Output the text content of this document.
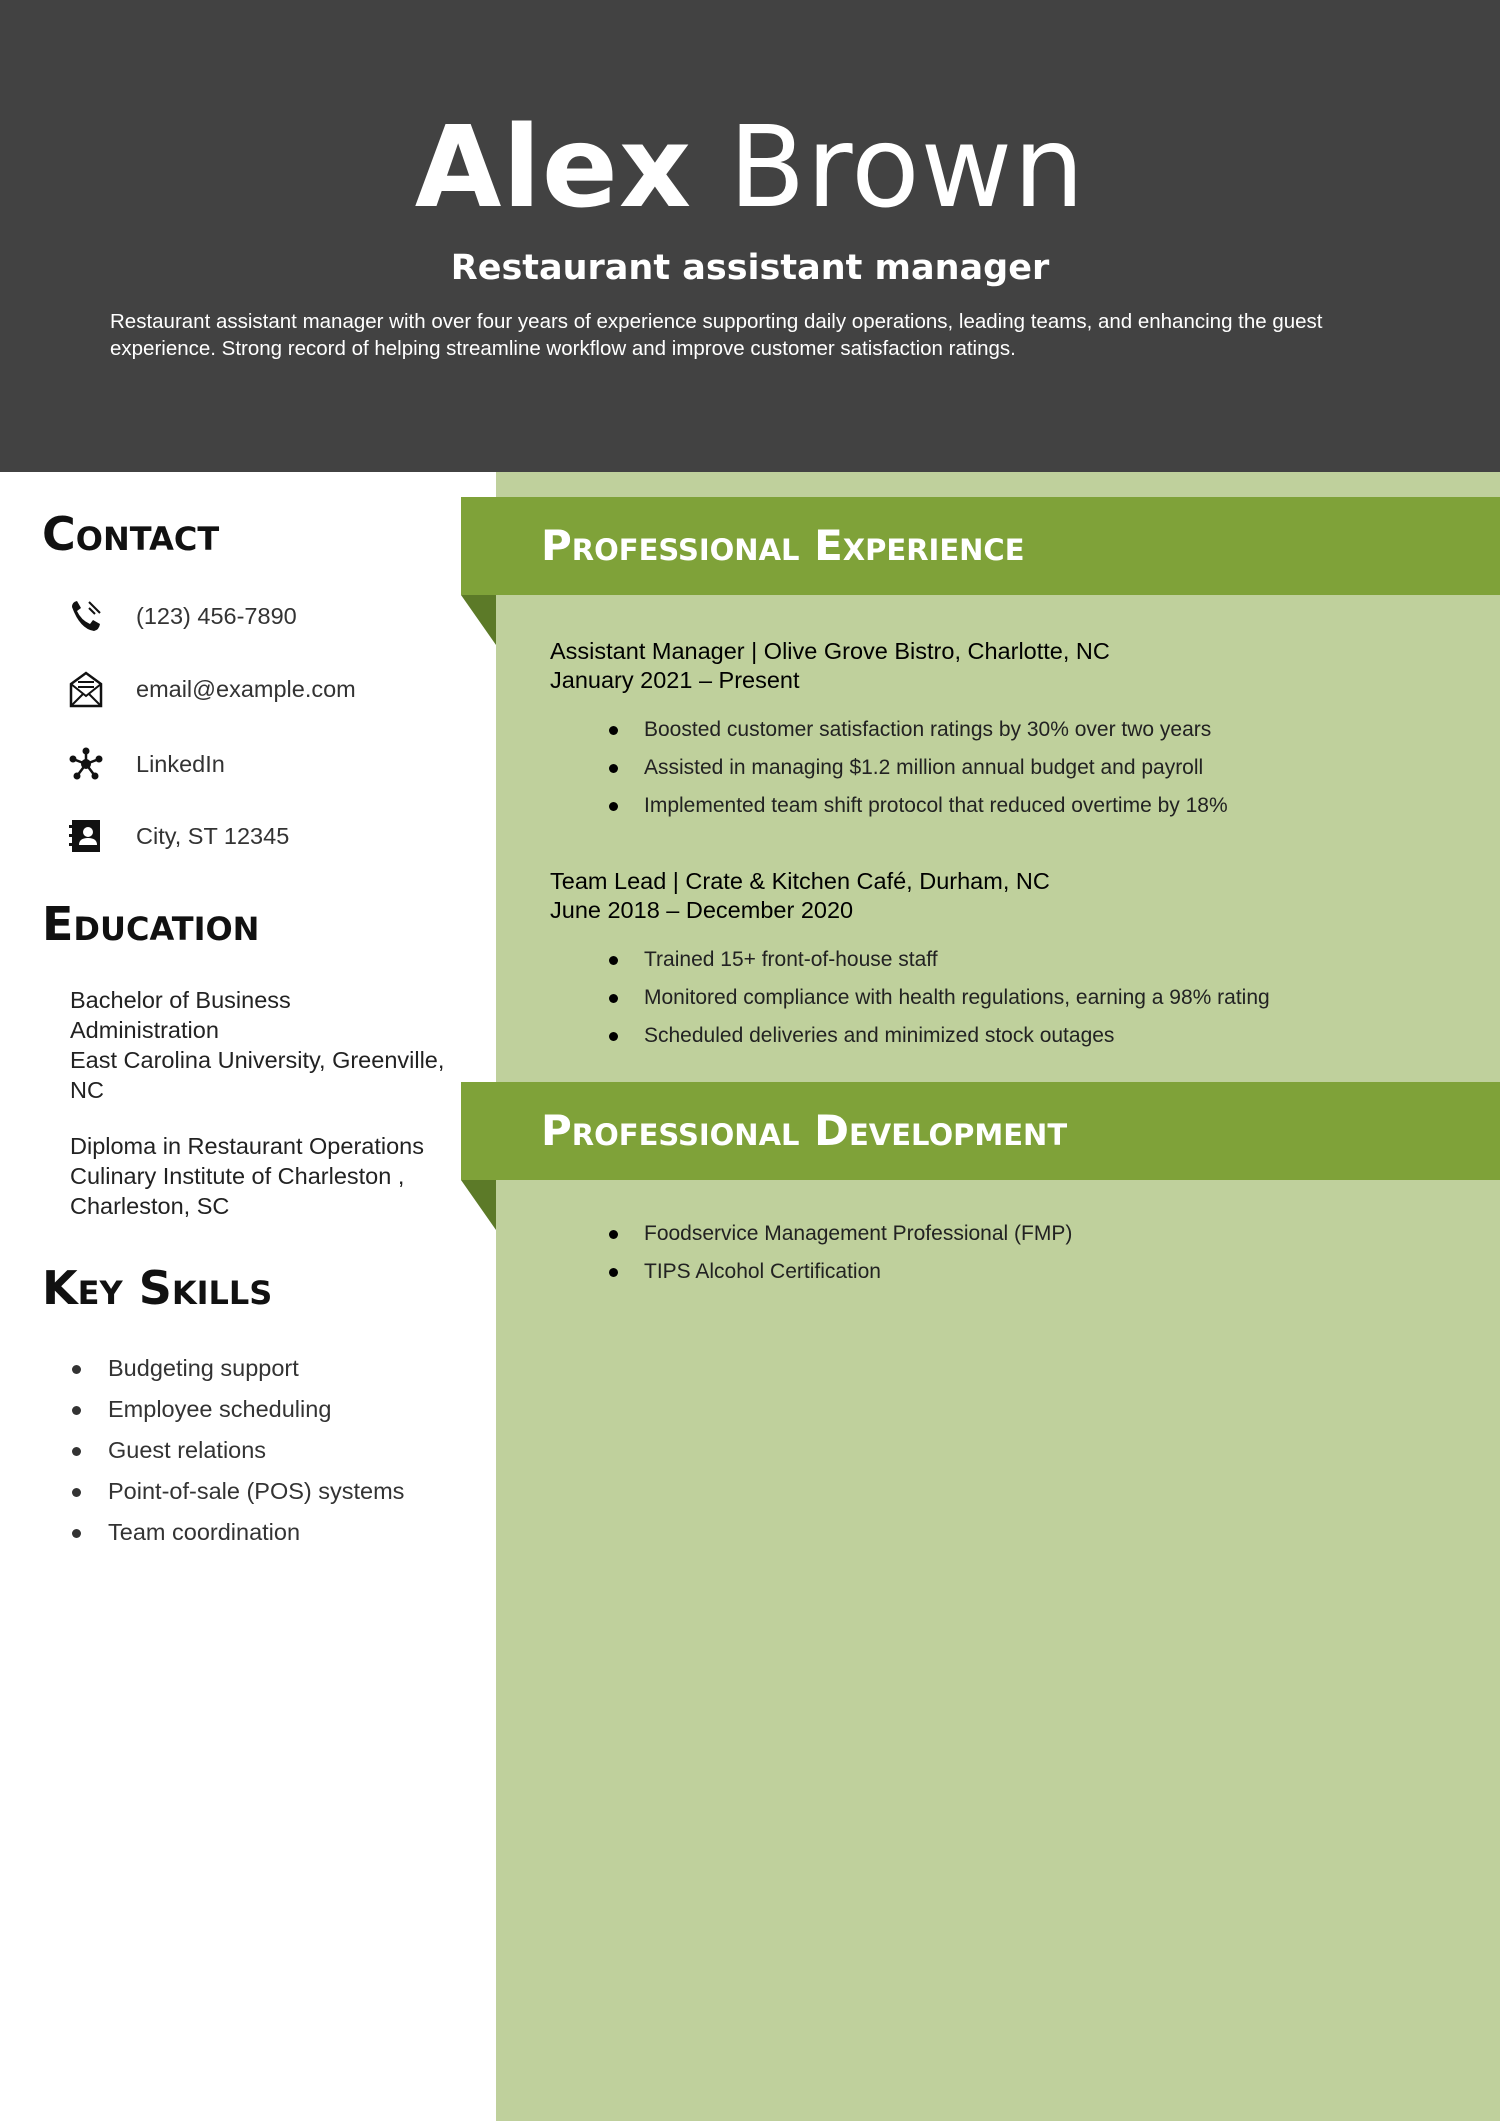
Alex Brown
Restaurant assistant manager
Restaurant assistant manager with over four years of experience supporting daily operations, leading teams, and enhancing the guest experience. Strong record of helping streamline workflow and improve customer satisfaction ratings.
Contact
(123) 456-7890
email@example.com
LinkedIn
City, ST 12345
Education
Bachelor of Business
Administration
East Carolina University, Greenville,
NC
Diploma in Restaurant Operations
Culinary Institute of Charleston ,
Charleston, SC
Key Skills
Budgeting support
Employee scheduling
Guest relations
Point-of-sale (POS) systems
Team coordination
Professional Experience
Assistant Manager | Olive Grove Bistro, Charlotte, NC
January 2021 – Present
Boosted customer satisfaction ratings by 30% over two years
Assisted in managing $1.2 million annual budget and payroll
Implemented team shift protocol that reduced overtime by 18%
Team Lead | Crate & Kitchen Café, Durham, NC
June 2018 – December 2020
Trained 15+ front-of-house staff
Monitored compliance with health regulations, earning a 98% rating
Scheduled deliveries and minimized stock outages
Professional Development
Foodservice Management Professional (FMP)
TIPS Alcohol Certification
